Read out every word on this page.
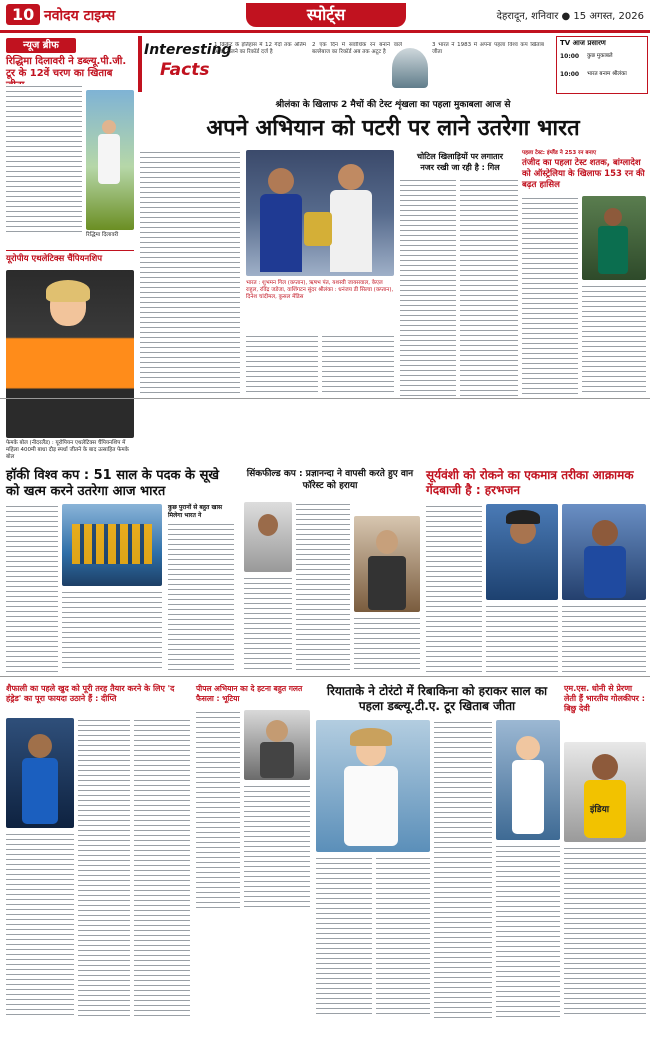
10 नवोदय टाइम्स	स्पोर्ट्स	देहरादून, शनिवार ● 15 अगस्त, 2026
न्यूज ब्रीफ
रिद्धिमा दिलावरी ने डब्ल्यू.पी.जी. टूर के 12वें चरण का खिताब
रिद्धिमा दिलावरी
यूरोपीय एथलेटिक्स चैंपियनशिप
फेमके बोल (नीदरलैंड) : यूरोपियन एथलेटिक्स चैंपियनशिप में महिला 400मी बाधा दौड़ स्पर्धा जीतने के बाद उत्साहित फेमके बोल
Interesting
Facts
1 क्रिकेट के इतिहास में 12 गेंदों तक अंतिम ओवर डालने का रिकॉर्ड दर्ज है
2 एक दिन में सर्वाधिक रन बनाने वाले बल्लेबाज का रिकॉर्ड अब तक अटूट है
3 भारत ने 1983 में अपना पहला विश्व कप खिताब जीता
TV आज प्रसारण
10:00 कुछ मुकाबले
10:00 भारत बनाम श्रीलंका
श्रीलंका के खिलाफ 2 मैचों की टेस्ट शृंखला का पहला मुकाबला आज से
अपने अभियान को पटरी पर लाने उतरेगा भारत
भारत : शुभमन गिल (कप्तान), ऋषभ पंत, यशस्वी जायसवाल, केएल राहुल, रविंद्र जडेजा, वाशिंगटन सुंदर श्रीलंका : धनंजय डी सिल्वा (कप्तान), दिनेश चांदीमल, कुसल मेंडिस
चोटिल खिलाड़ियों पर लगातार
नजर रखी जा रही है : गिल
पहला टेस्ट: इंग्लैंड ने 253 रन बनाए
तंजीद का पहला टेस्ट शतक, बांग्लादेश को ऑस्ट्रेलिया के खिलाफ 153 रन की बढ़त हासिल
हॉकी विश्व कप : 51 साल के पदक के सूखे को खत्म करने उतरेगा आज भारत
कुछ पुरानों से बहुत खास मिलेगा भारत ने
सिंकफील्ड कप : प्रज्ञानन्दा ने वापसी करते हुए वान फॉरेस्ट को हराया
सूर्यवंशी को रोकने का एकमात्र तरीका आक्रामक गेंदबाजी है : हरभजन
शैफाली का पहले खुद को पूरी तरह तैयार करने के लिए 'द हंड्रेड' का पूरा फायदा उठाने हैं : दीप्ति
पीपल अभियान का दे हटना बहुत गलत फैसला : भूटिया
रियाताके ने टोरंटो में रिबाकिना को हराकर साल का पहला डब्ल्यू.टी.ए. टूर खिताब जीता
एम.एस. धोनी से प्रेरणा लेती हैं भारतीय गोलकीपर : बिछु देवी
इंडिया
